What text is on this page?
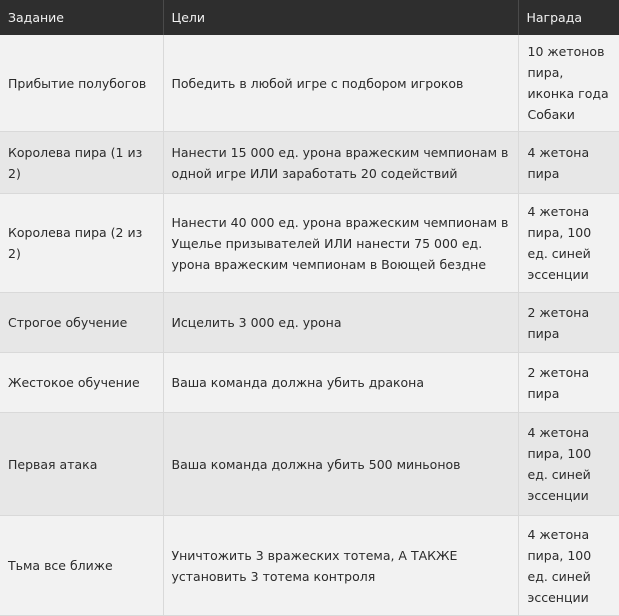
Задание	Цели	Награда
Прибытие полубогов	Победить в любой игре с подбором игроков	10 жетонов пира, иконка года Собаки
Королева пира (1 из 2)	Нанести 15 000 ед. урона вражеским чемпионам в одной игре ИЛИ заработать 20 содействий	4 жетона пира
Королева пира (2 из 2)	Нанести 40 000 ед. урона вражеским чемпионам в Ущелье призывателей ИЛИ нанести 75 000 ед. урона вражеским чемпионам в Воющей бездне	4 жетона пира, 100 ед. синей эссенции
Строгое обучение	Исцелить 3 000 ед. урона	2 жетона пира
Жестокое обучение	Ваша команда должна убить дракона	2 жетона пира
Первая атака	Ваша команда должна убить 500 миньонов	4 жетона пира, 100 ед. синей эссенции
Тьма все ближе	Уничтожить 3 вражеских тотема, А ТАКЖЕ установить 3 тотема контроля	4 жетона пира, 100 ед. синей эссенции
